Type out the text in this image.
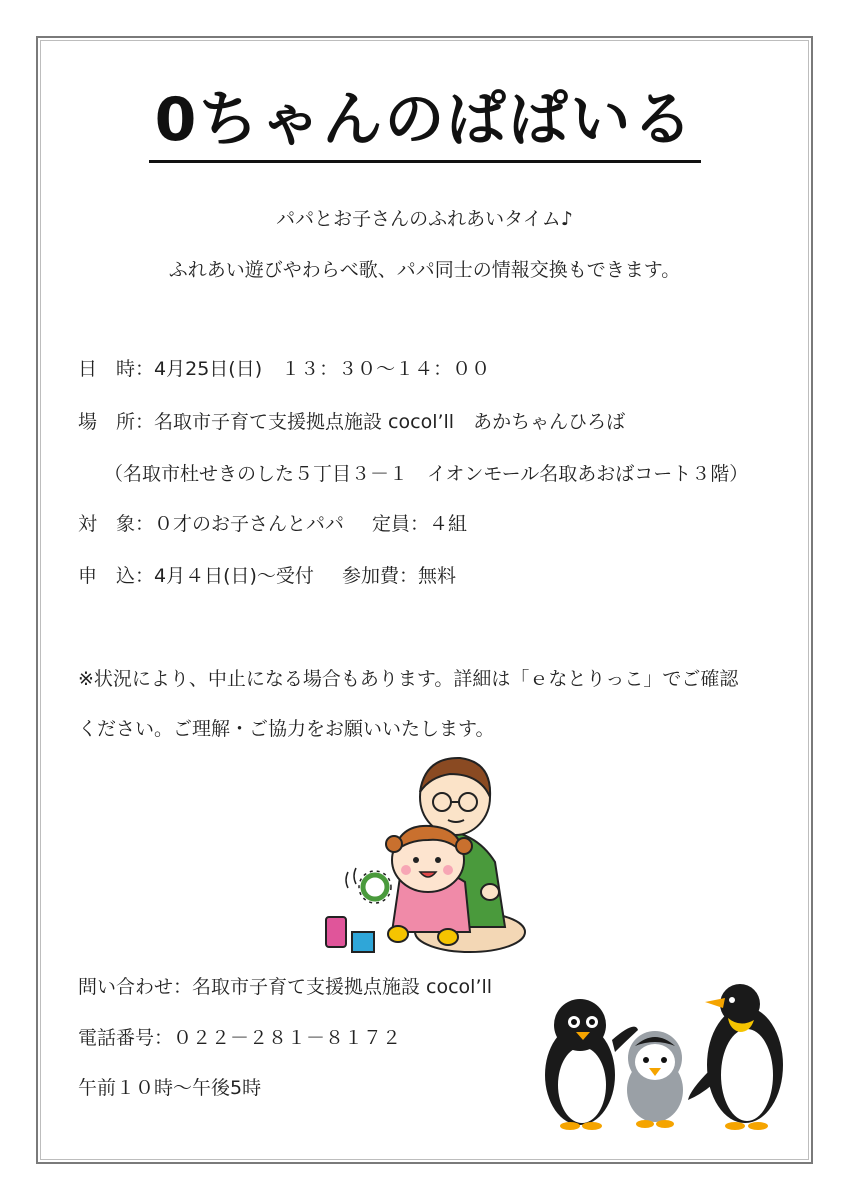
0ちゃんのぱぱいる

パパとお子さんのふれあいタイム♪

ふれあい遊びやわらべ歌、パパ同士の情報交換もできます。

日　時：4月25日(日)　１３：３０～１４：００

場　所：名取市子育て支援拠点施設 cocol’ll　あかちゃんひろば

（名取市杜せきのした５丁目３－１　イオンモール名取あおばコート３階）

対　象：０才のお子さんとパパ 定員：４組

申　込：4月４日(日)～受付 参加費：無料

※状況により、中止になる場合もあります。詳細は「ｅなとりっこ」でご確認

ください。ご理解・ご協力をお願いいたします。

問い合わせ：名取市子育て支援拠点施設 cocol’ll

電話番号：０２２－２８１－８１７２

午前１０時～午後5時
